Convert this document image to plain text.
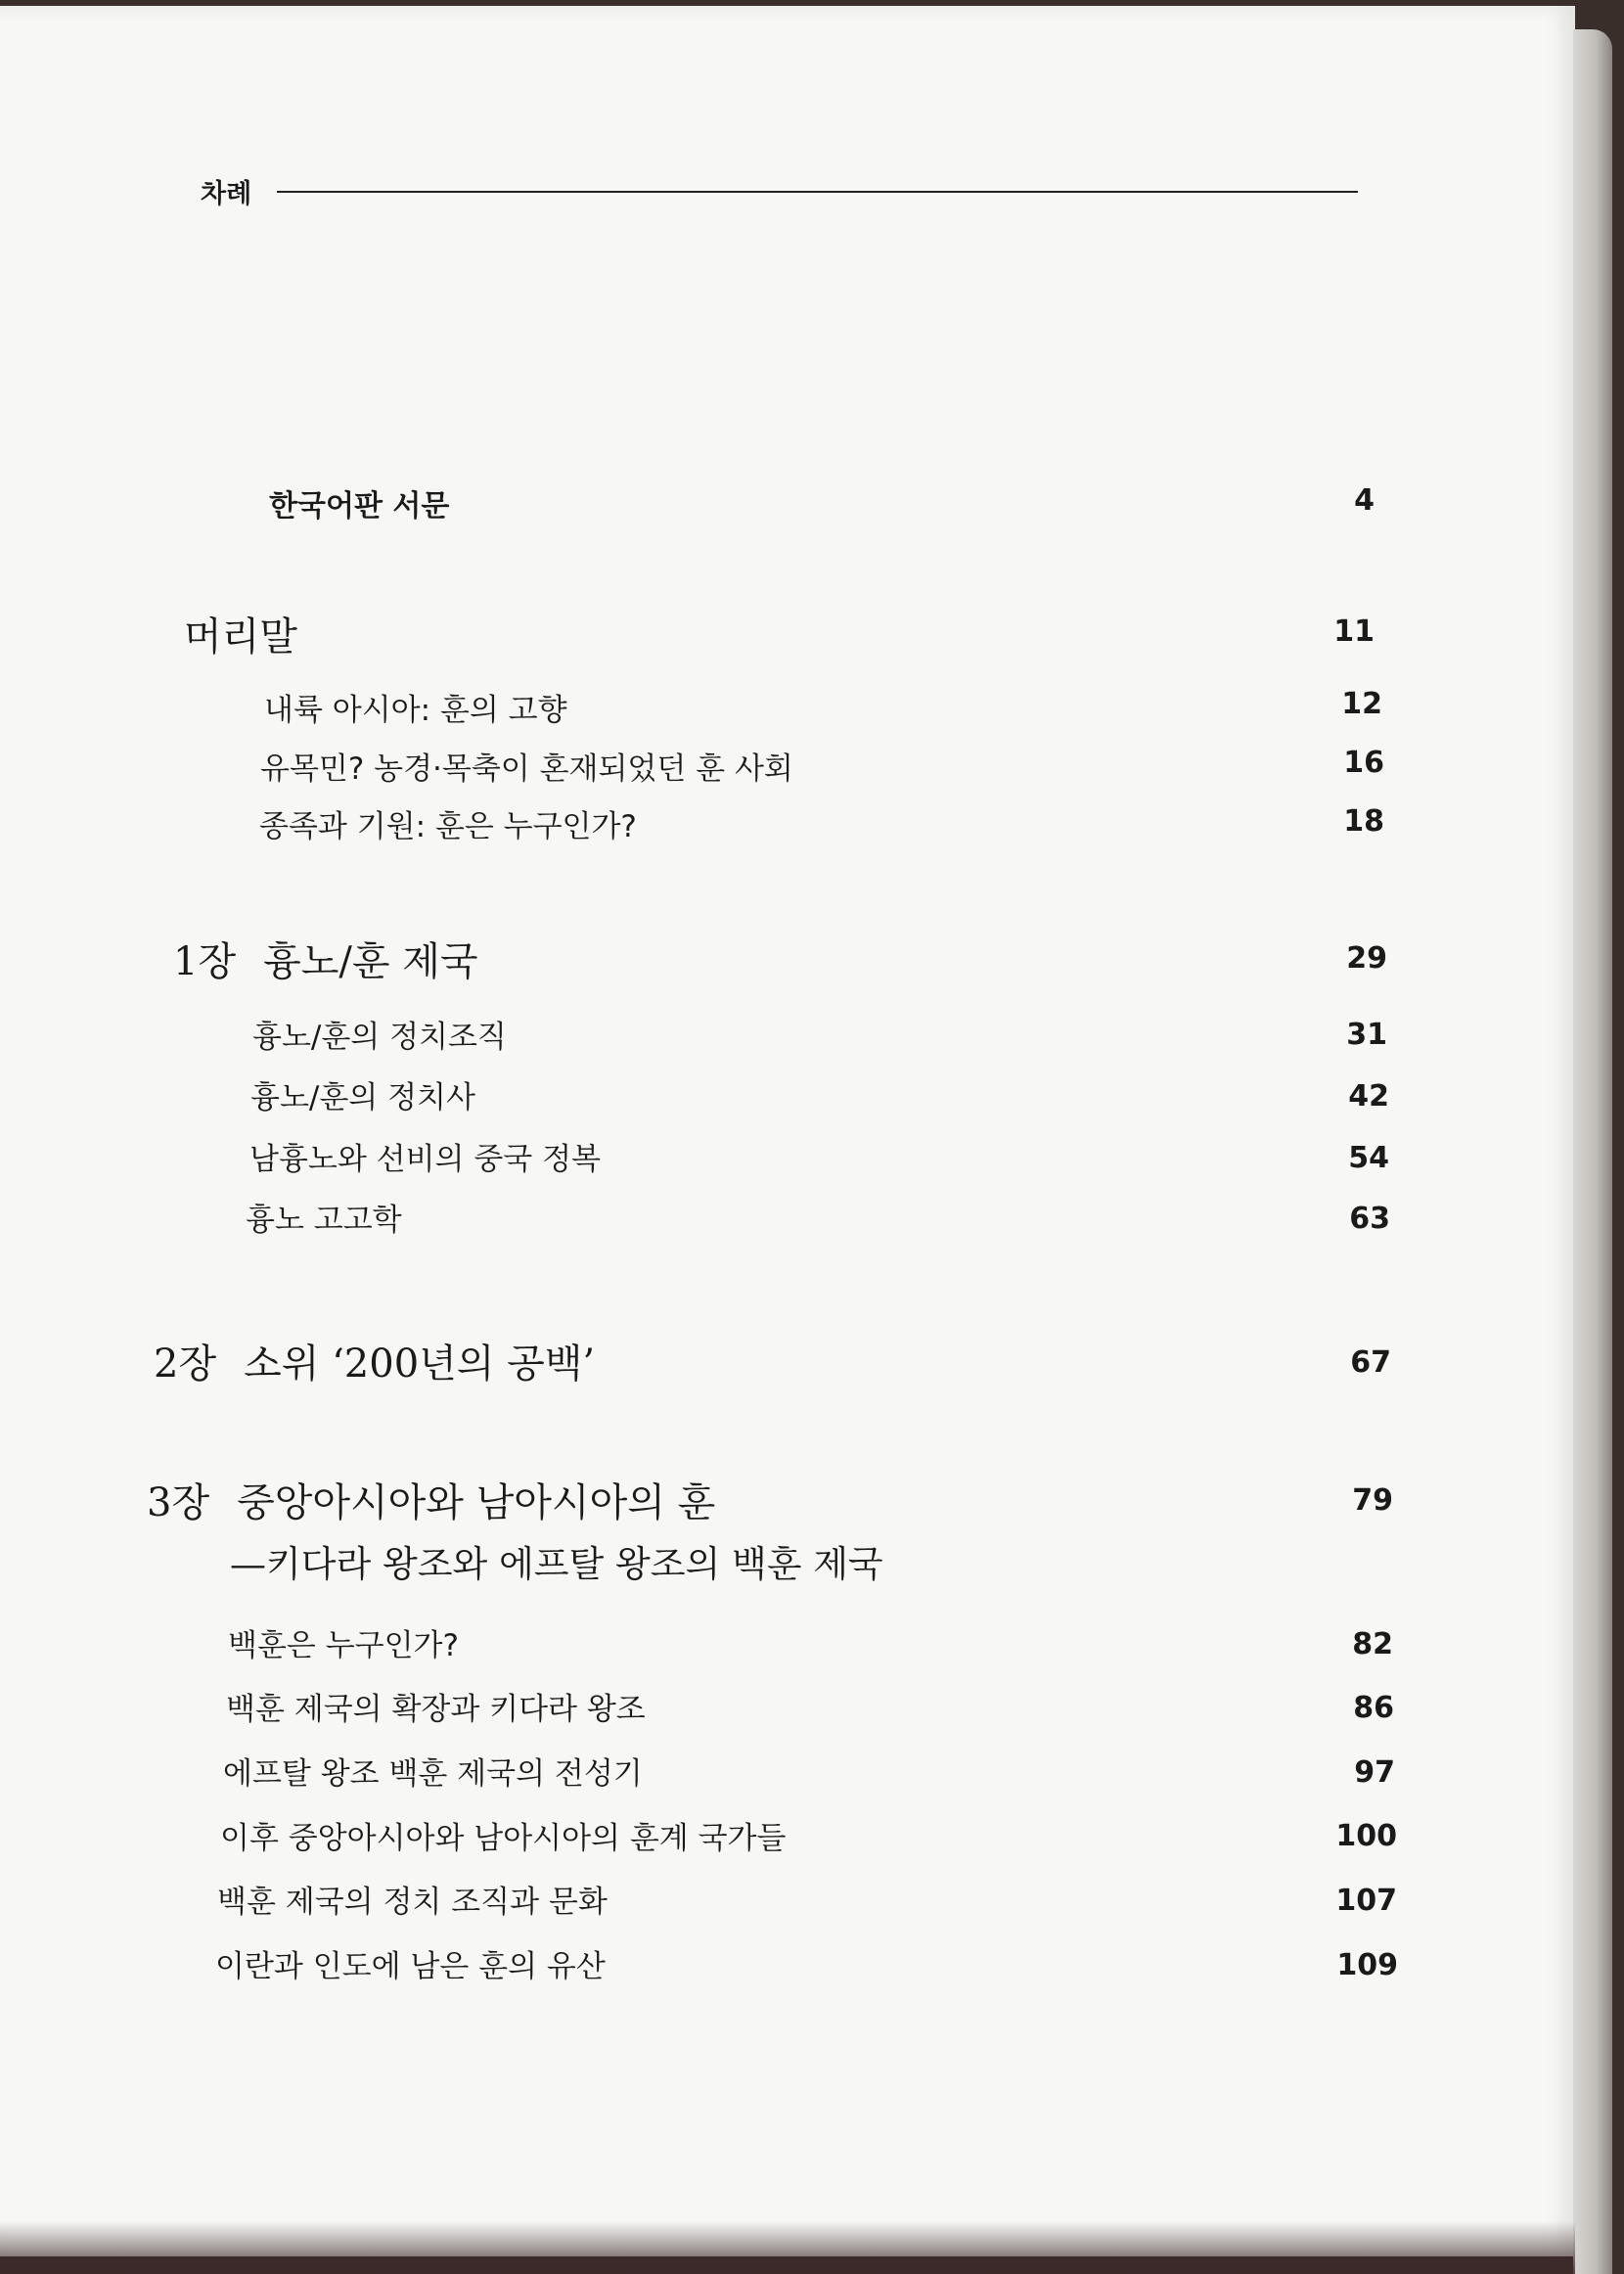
차례
한국어판 서문	4
머리말	11
내륙 아시아: 훈의 고향	12
유목민? 농경·목축이 혼재되었던 훈 사회	16
종족과 기원: 훈은 누구인가?	18
1장 흉노/훈 제국	29
흉노/훈의 정치조직	31
흉노/훈의 정치사	42
남흉노와 선비의 중국 정복	54
흉노 고고학	63
2장 소위 ‘200년의 공백’	67
3장 중앙아시아와 남아시아의 훈	79
—키다라 왕조와 에프탈 왕조의 백훈 제국
백훈은 누구인가?	82
백훈 제국의 확장과 키다라 왕조	86
에프탈 왕조 백훈 제국의 전성기	97
이후 중앙아시아와 남아시아의 훈계 국가들	100
백훈 제국의 정치 조직과 문화	107
이란과 인도에 남은 훈의 유산	109
